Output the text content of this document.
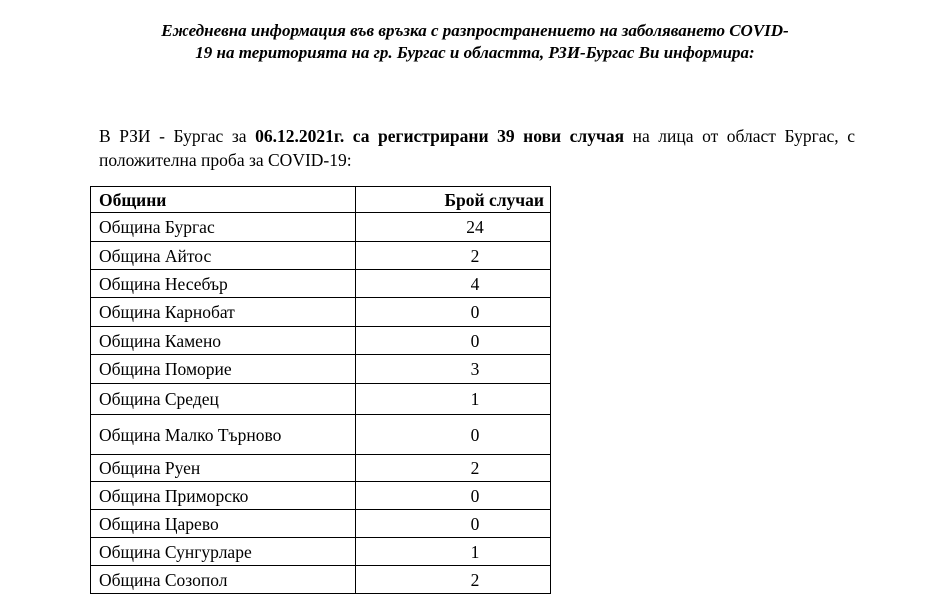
Ежедневна информация във връзка с разпространението на заболяването COVID-
19 на територията на гр. Бургас и областта, РЗИ-Бургас Ви информира:

В РЗИ - Бургас за 06.12.2021г. са регистрирани 39 нови случая на лица от област Бургас, с положителна проба за COVID-19:

Общини	Брой случаи
Община Бургас	24
Община Айтос	2
Община Несебър	4
Община Карнобат	0
Община Камено	0
Община Поморие	3
Община Средец	1
Община Малко Търново	0
Община Руен	2
Община Приморско	0
Община Царево	0
Община Сунгурларе	1
Община Созопол	2
